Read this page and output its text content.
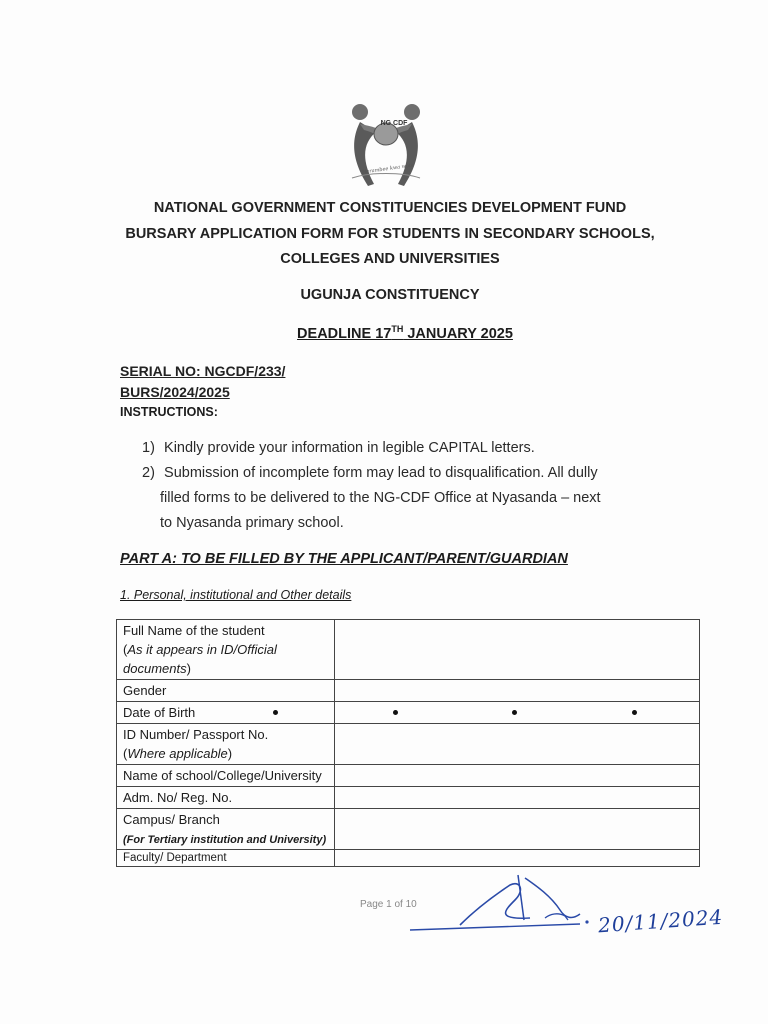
NG CDF
Harambee kwa wote
NATIONAL GOVERNMENT CONSTITUENCIES DEVELOPMENT FUND
BURSARY APPLICATION FORM FOR STUDENTS IN SECONDARY SCHOOLS,
COLLEGES AND UNIVERSITIES
UGUNJA CONSTITUENCY
DEADLINE 17TH JANUARY 2025
SERIAL NO: NGCDF/233/
BURS/2024/2025
INSTRUCTIONS:
1) Kindly provide your information in legible CAPITAL letters.
2) Submission of incomplete form may lead to disqualification. All dully
filled forms to be delivered to the NG-CDF Office at Nyasanda – next
to Nyasanda primary school.
PART A: TO BE FILLED BY THE APPLICANT/PARENT/GUARDIAN
1. Personal, institutional and Other details
Full Name of the student
(As it appears in ID/Official documents)	
Gender	
Date of Birth

ID Number/ Passport No.
(Where applicable)	
Name of school/College/University	
Adm. No/ Reg. No.	
Campus/ Branch
(For Tertiary institution and University)	
Faculty/ Department	
Page 1 of 10
20/11/2024
